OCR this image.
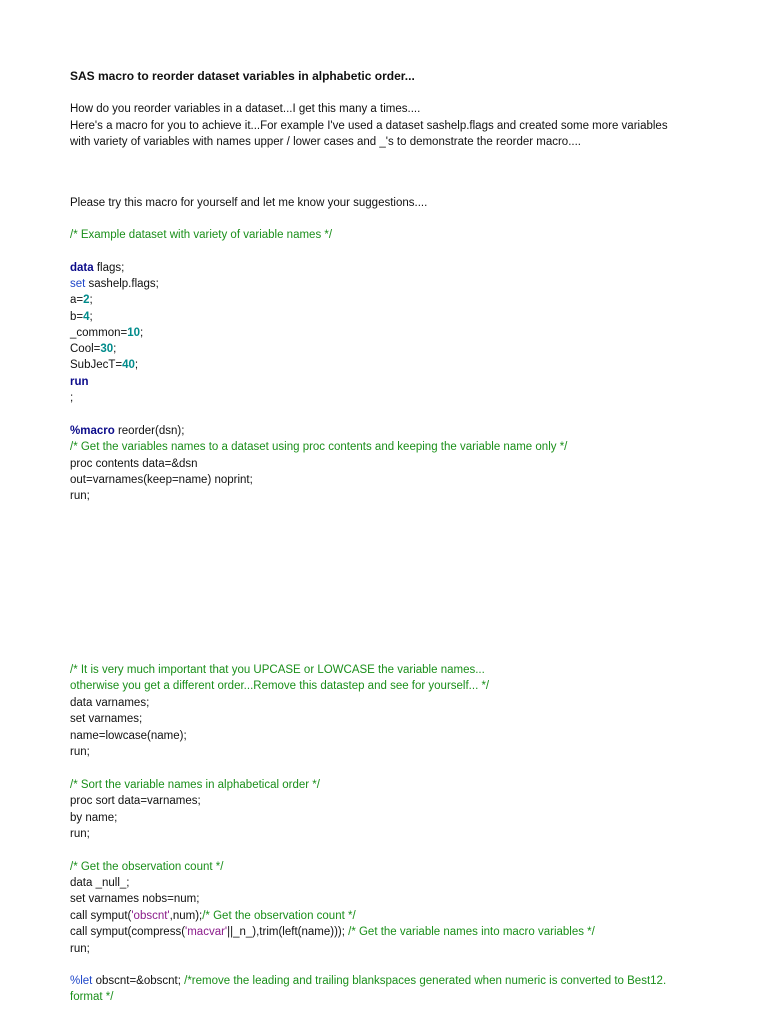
SAS macro to reorder dataset variables in alphabetic order...
How do you reorder variables in a dataset...I get this many a times....
Here's a macro for you to achieve it...For example I've used a dataset sashelp.flags and created some more variables
with variety of variables with names upper / lower cases and _'s to demonstrate the reorder macro....
Please try this macro for yourself and let me know your suggestions....
/* Example dataset with variety of variable names */
data flags;
set sashelp.flags;
a=2;
b=4;
_common=10;
Cool=30;
SubJecT=40;
run
;
%macro reorder(dsn);
/* Get the variables names to a dataset using proc contents and keeping the variable name only */
proc contents data=&dsn
out=varnames(keep=name) noprint;
run;
/* It is very much important that you UPCASE or LOWCASE the variable names...
otherwise you get a different order...Remove this datastep and see for yourself... */
data varnames;
set varnames;
name=lowcase(name);
run;
/* Sort the variable names in alphabetical order */
proc sort data=varnames;
by name;
run;
/* Get the observation count */
data _null_;
set varnames nobs=num;
call symput('obscnt',num);/* Get the observation count */
call symput(compress('macvar'||_n_),trim(left(name))); /* Get the variable names into macro variables */
run;
%let obscnt=&obscnt; /*remove the leading and trailing blankspaces generated when numeric is converted to Best12.
format */
